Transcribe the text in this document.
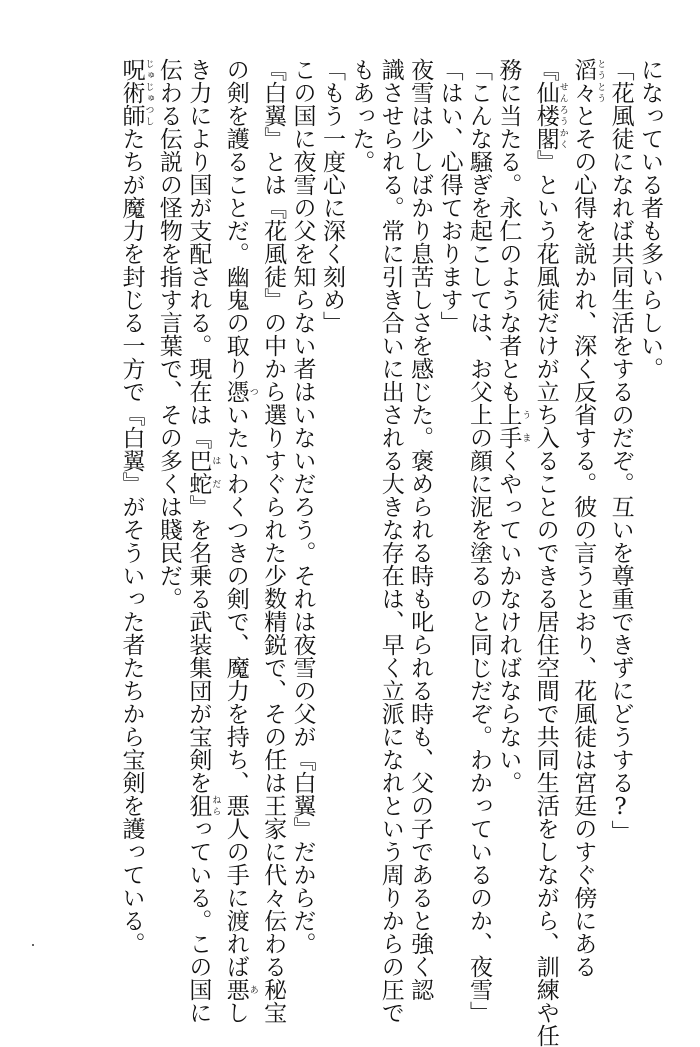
になっている者も多いらしい。

「花風徒になれば共同生活をするのだぞ。互いを尊重できずにどうする?」

滔々 とうとうとその心得を説かれ、深く反省する。彼の言うとおり、花風徒は宮廷のすぐ傍にある

『仙楼閣 せんろうかく』という花風徒だけが立ち入ることのできる居住空間で共同生活をしながら、訓練や任

務に当たる。永仁のような者とも上手 うまくやっていかなければならない。

「こんな騒ぎを起こしては、お父上の顔に泥を塗るのと同じだぞ。わかっているのか、夜雪」

「はい、心得ております」

夜雪は少しばかり息苦しさを感じた。褒められる時も叱られる時も、父の子であると強く認

識させられる。常に引き合いに出される大きな存在は、早く立派になれという周りからの圧で

もあった。

「もう一度心に深く刻め」

この国に夜雪の父を知らない者はいないだろう。それは夜雪の父が『白翼』だからだ。

『白翼』とは『花風徒』の中から選りすぐられた少数精鋭で、その任は王家に代々伝わる秘宝

の剣を護ることだ。幽鬼の取り憑 ついたいわくつきの剣で、魔力を持ち、悪人の手に渡れば悪 あし

き力により国が支配される。現在は『巴蛇 はだ』を名乗る武装集団が宝剣を狙 ねらっている。この国に

伝わる伝説の怪物を指す言葉で、その多くは賤民だ。

呪術師 じゅじゅつしたちが魔力を封じる一方で『白翼』がそういった者たちから宝剣を護っている。
